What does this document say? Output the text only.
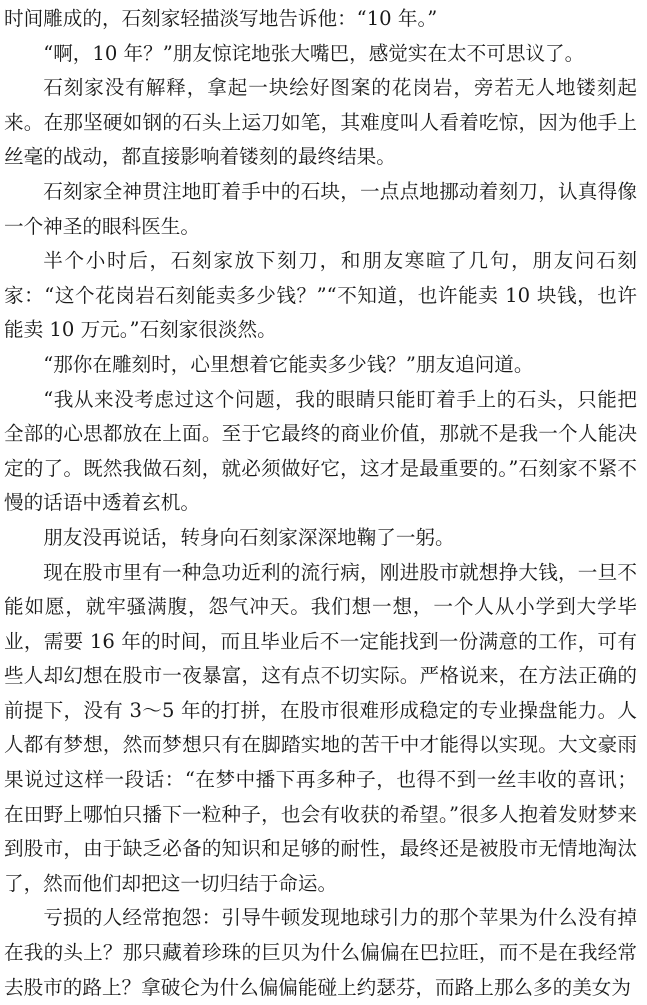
时间雕成的，石刻家轻描淡写地告诉他：“10 年。”

“啊，10 年？”朋友惊诧地张大嘴巴，感觉实在太不可思议了。

石刻家没有解释，拿起一块绘好图案的花岗岩，旁若无人地镂刻起来。在那坚硬如钢的石头上运刀如笔，其难度叫人看着吃惊，因为他手上丝毫的战动，都直接影响着镂刻的最终结果。

石刻家全神贯注地盯着手中的石块，一点点地挪动着刻刀，认真得像一个神圣的眼科医生。

半个小时后，石刻家放下刻刀，和朋友寒暄了几句，朋友问石刻家：“这个花岗岩石刻能卖多少钱？”“不知道，也许能卖 10 块钱，也许能卖 10 万元。”石刻家很淡然。

“那你在雕刻时，心里想着它能卖多少钱？”朋友追问道。

“我从来没考虑过这个问题，我的眼睛只能盯着手上的石头，只能把全部的心思都放在上面。至于它最终的商业价值，那就不是我一个人能决定的了。既然我做石刻，就必须做好它，这才是最重要的。”石刻家不紧不慢的话语中透着玄机。

朋友没再说话，转身向石刻家深深地鞠了一躬。

现在股市里有一种急功近利的流行病，刚进股市就想挣大钱，一旦不能如愿，就牢骚满腹，怨气冲天。我们想一想，一个人从小学到大学毕业，需要 16 年的时间，而且毕业后不一定能找到一份满意的工作，可有些人却幻想在股市一夜暴富，这有点不切实际。严格说来，在方法正确的前提下，没有 3～5 年的打拼，在股市很难形成稳定的专业操盘能力。人人都有梦想，然而梦想只有在脚踏实地的苦干中才能得以实现。大文豪雨果说过这样一段话：“在梦中播下再多种子，也得不到一丝丰收的喜讯；在田野上哪怕只播下一粒种子，也会有收获的希望。”很多人抱着发财梦来到股市，由于缺乏必备的知识和足够的耐性，最终还是被股市无情地淘汰了，然而他们却把这一切归结于命运。

亏损的人经常抱怨：引导牛顿发现地球引力的那个苹果为什么没有掉在我的头上？那只藏着珍珠的巨贝为什么偏偏在巴拉旺，而不是在我经常去股市的路上？拿破仑为什么偏偏能碰上约瑟芬，而路上那么多的美女为
